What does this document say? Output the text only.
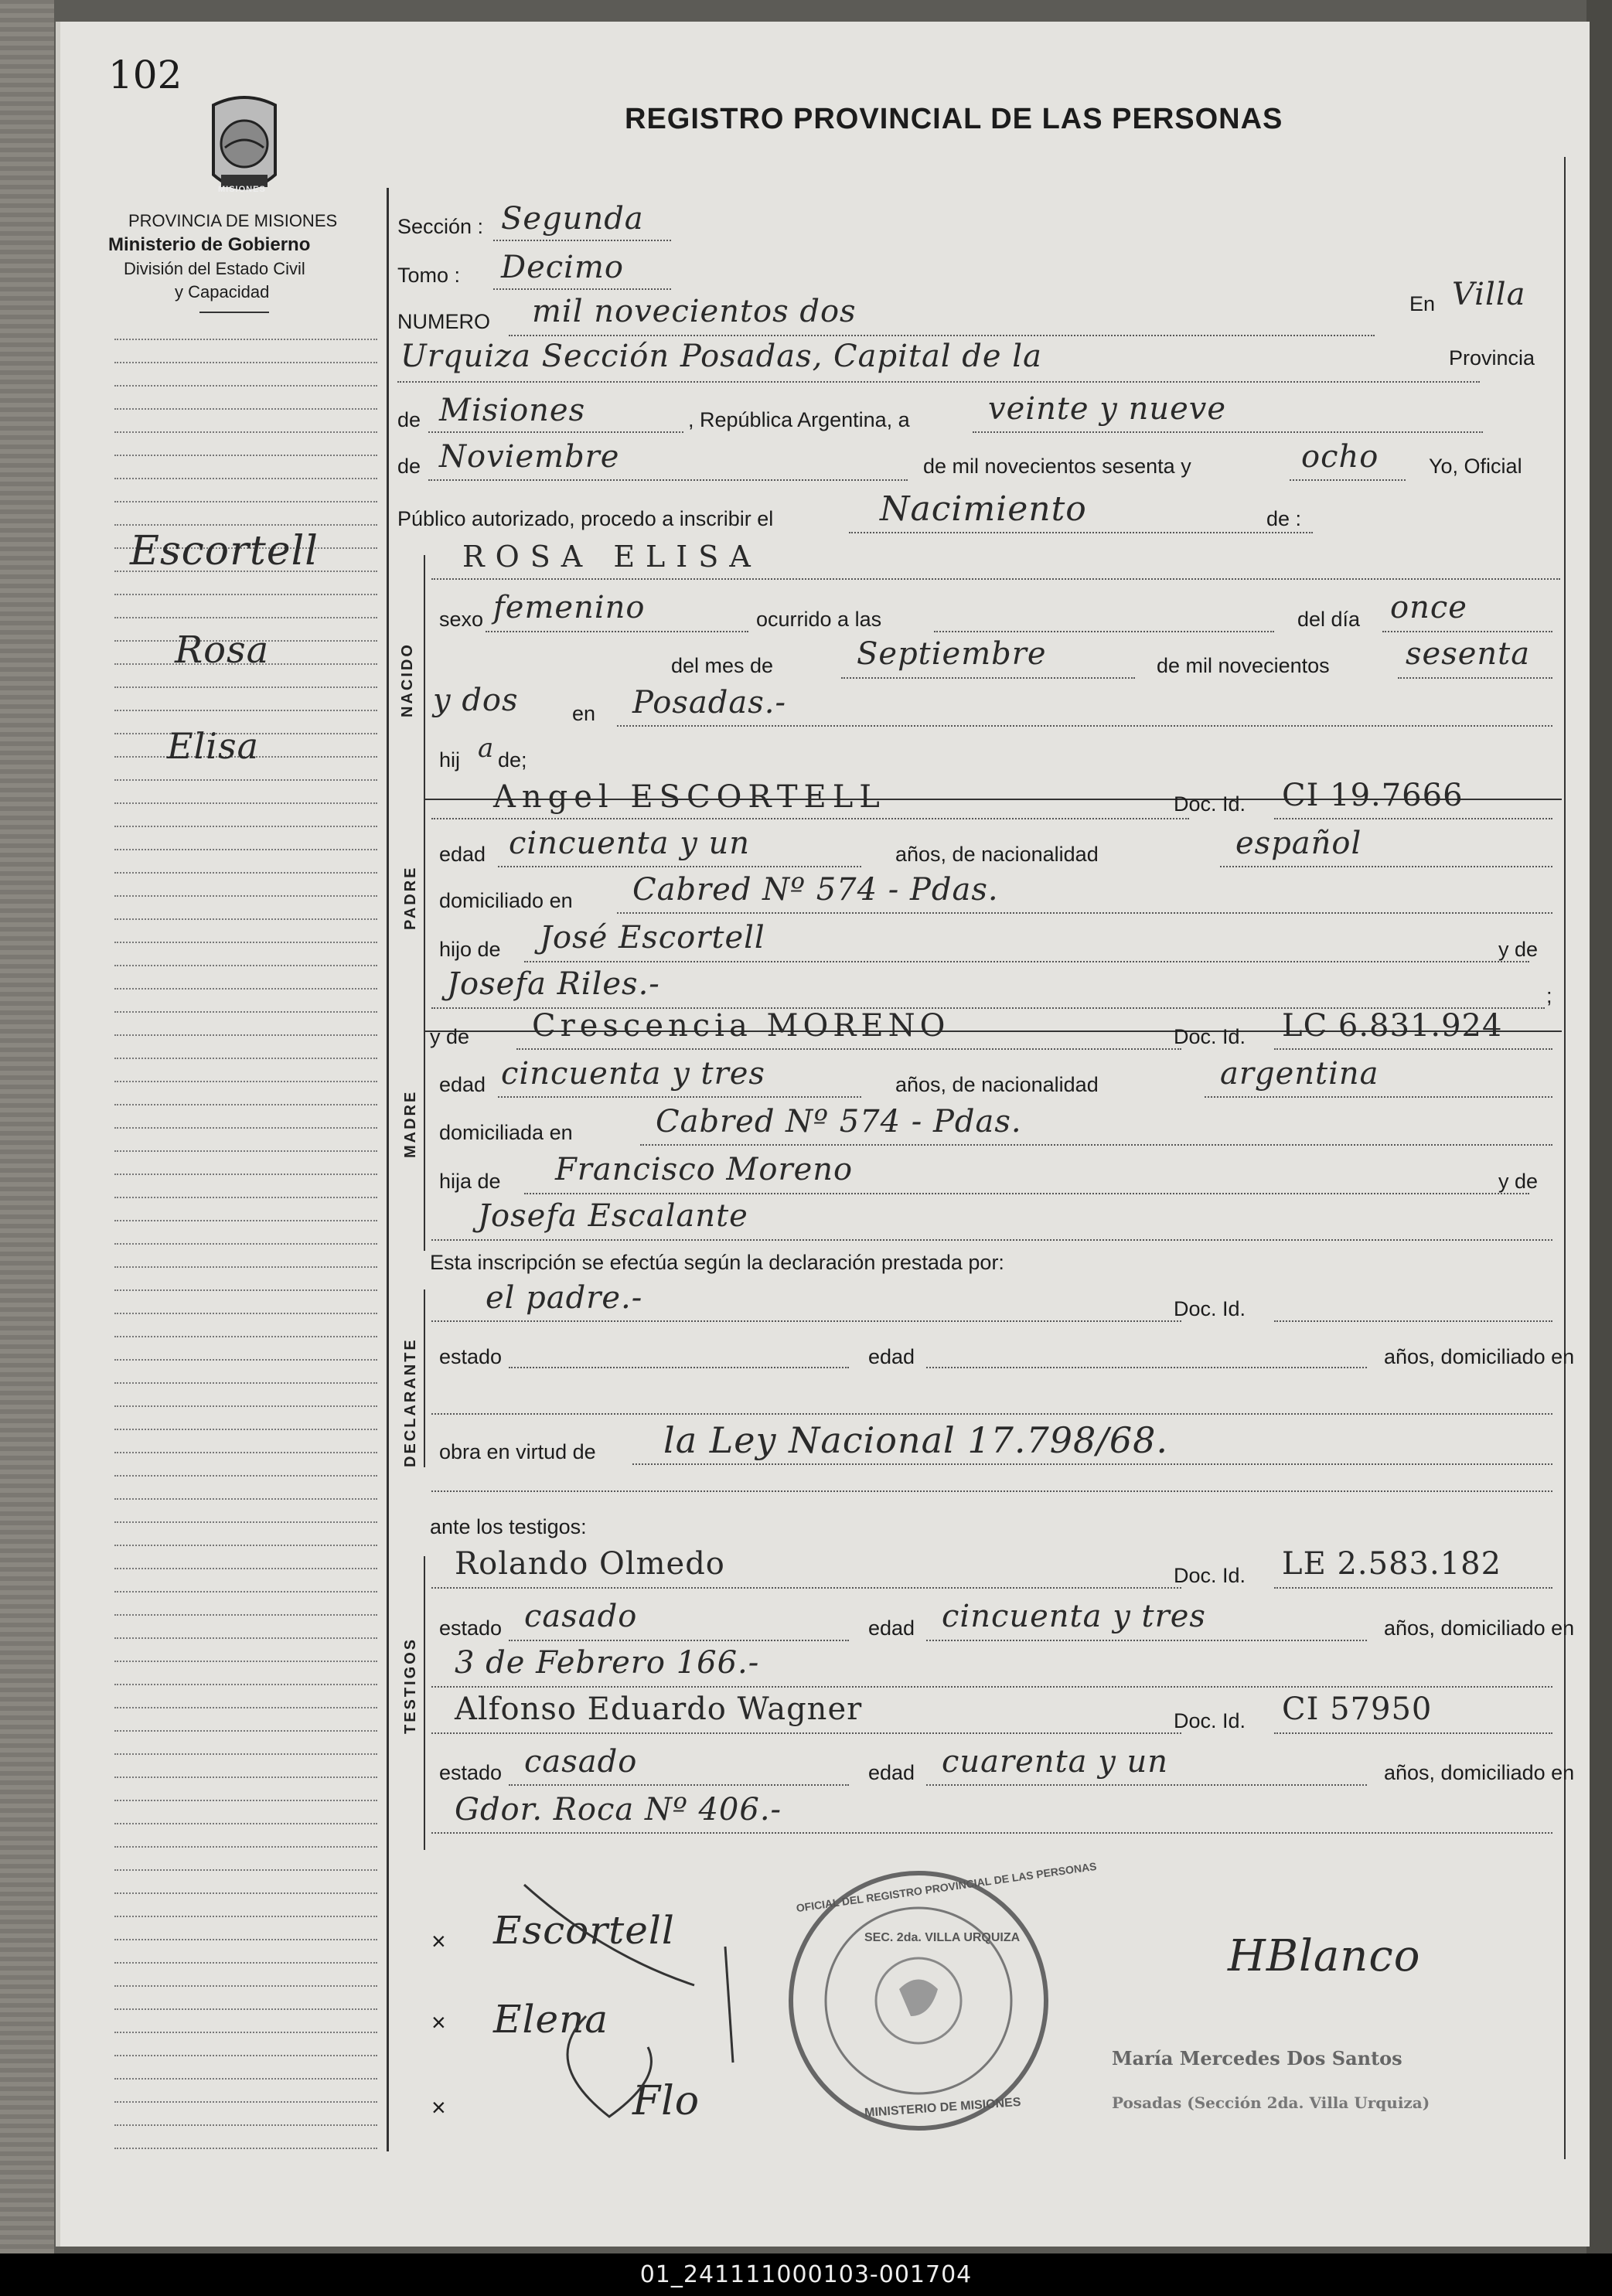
102
MISIONES
PROVINCIA DE MISIONES
Ministerio de Gobierno
División del Estado Civil
y Capacidad
REGISTRO PROVINCIAL DE LAS PERSONAS
Escortell
Rosa
Elisa
Sección : Segunda
Tomo : Decimo
NUMERO mil novecientos dos	En Villa
Urquiza Sección Posadas, Capital de la	Provincia
de Misiones	, República Argentina, a	veinte y nueve
de Noviembre	de mil novecientos sesenta y	ocho Yo, Oficial
Público autorizado, procedo a inscribir el	Nacimiento	de :
ROSA ELISA
NACIDO
sexo femenino	ocurrido a las	del día once
del mes de	Septiembre	de mil novecientos sesenta
y dos	en Posadas.-
hij a de;
PADRE
Angel ESCORTELL	Doc. Id. CI 19.7666
edad cincuenta y un	años, de nacionalidad	español
domiciliado en Cabred Nº 574 - Pdas.
hijo de José Escortell	y de
Josefa Riles.-	;
MADRE
y de Crescencia MORENO	Doc. Id. LC 6.831.924
edad cincuenta y tres	años, de nacionalidad	argentina
domiciliada en	Cabred Nº 574 - Pdas.
hija de Francisco Moreno	y de
Josefa Escalante
Esta inscripción se efectúa según la declaración prestada por:
DECLARANTE
el padre.-	Doc. Id.
estado	edad	años, domiciliado en
obra en virtud de la Ley Nacional 17.798/68.
ante los testigos:
TESTIGOS
Rolando Olmedo	Doc. Id. LE 2.583.182
estado casado	edad cincuenta y tres	años, domiciliado en
3 de Febrero 166.-
Alfonso Eduardo Wagner	Doc. Id. CI 57950
estado casado	edad cuarenta y un	años, domiciliado en
Gdor. Roca Nº 406.-
× Escortell
× Elena
×	Flo
OFICIAL DEL REGISTRO PROVINCIAL DE LAS PERSONAS
SEC. 2da. VILLA URQUIZA
MINISTERIO DE MISIONES
HBlanco
María Mercedes Dos Santos
Posadas (Sección 2da. Villa Urquiza)
01_241111000103-001704
